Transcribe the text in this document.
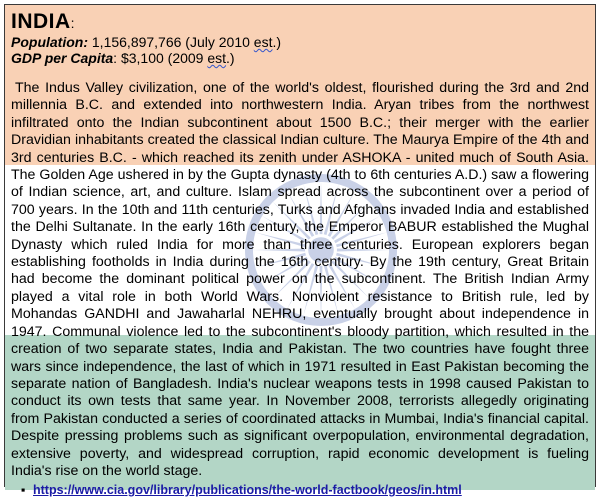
INDIA:
Population: 1,156,897,766 (July 2010 est.)
GDP per Capita: $3,100 (2009 est.)
The Indus Valley civilization, one of the world's oldest, flourished during the 3rd and 2nd millennia B.C. and extended into northwestern India. Aryan tribes from the northwest infiltrated onto the Indian subcontinent about 1500 B.C.; their merger with the earlier Dravidian inhabitants created the classical Indian culture. The Maurya Empire of the 4th and 3rd centuries B.C. - which reached its zenith under ASHOKA - united much of South Asia. The Golden Age ushered in by the Gupta dynasty (4th to 6th centuries A.D.) saw a flowering of Indian science, art, and culture. Islam spread across the subcontinent over a period of 700 years. In the 10th and 11th centuries, Turks and Afghans invaded India and established the Delhi Sultanate. In the early 16th century, the Emperor BABUR established the Mughal Dynasty which ruled India for more than three centuries. European explorers began establishing footholds in India during the 16th century. By the 19th century, Great Britain had become the dominant political power on the subcontinent. The British Indian Army played a vital role in both World Wars. Nonviolent resistance to British rule, led by Mohandas GANDHI and Jawaharlal NEHRU, eventually brought about independence in 1947. Communal violence led to the subcontinent's bloody partition, which resulted in the creation of two separate states, India and Pakistan. The two countries have fought three wars since independence, the last of which in 1971 resulted in East Pakistan becoming the separate nation of Bangladesh. India's nuclear weapons tests in 1998 caused Pakistan to conduct its own tests that same year. In November 2008, terrorists allegedly originating from Pakistan conducted a series of coordinated attacks in Mumbai, India's financial capital. Despite pressing problems such as significant overpopulation, environmental degradation, extensive poverty, and widespread corruption, rapid economic development is fueling India's rise on the world stage.
▪ https://www.cia.gov/library/publications/the-world-factbook/geos/in.html
